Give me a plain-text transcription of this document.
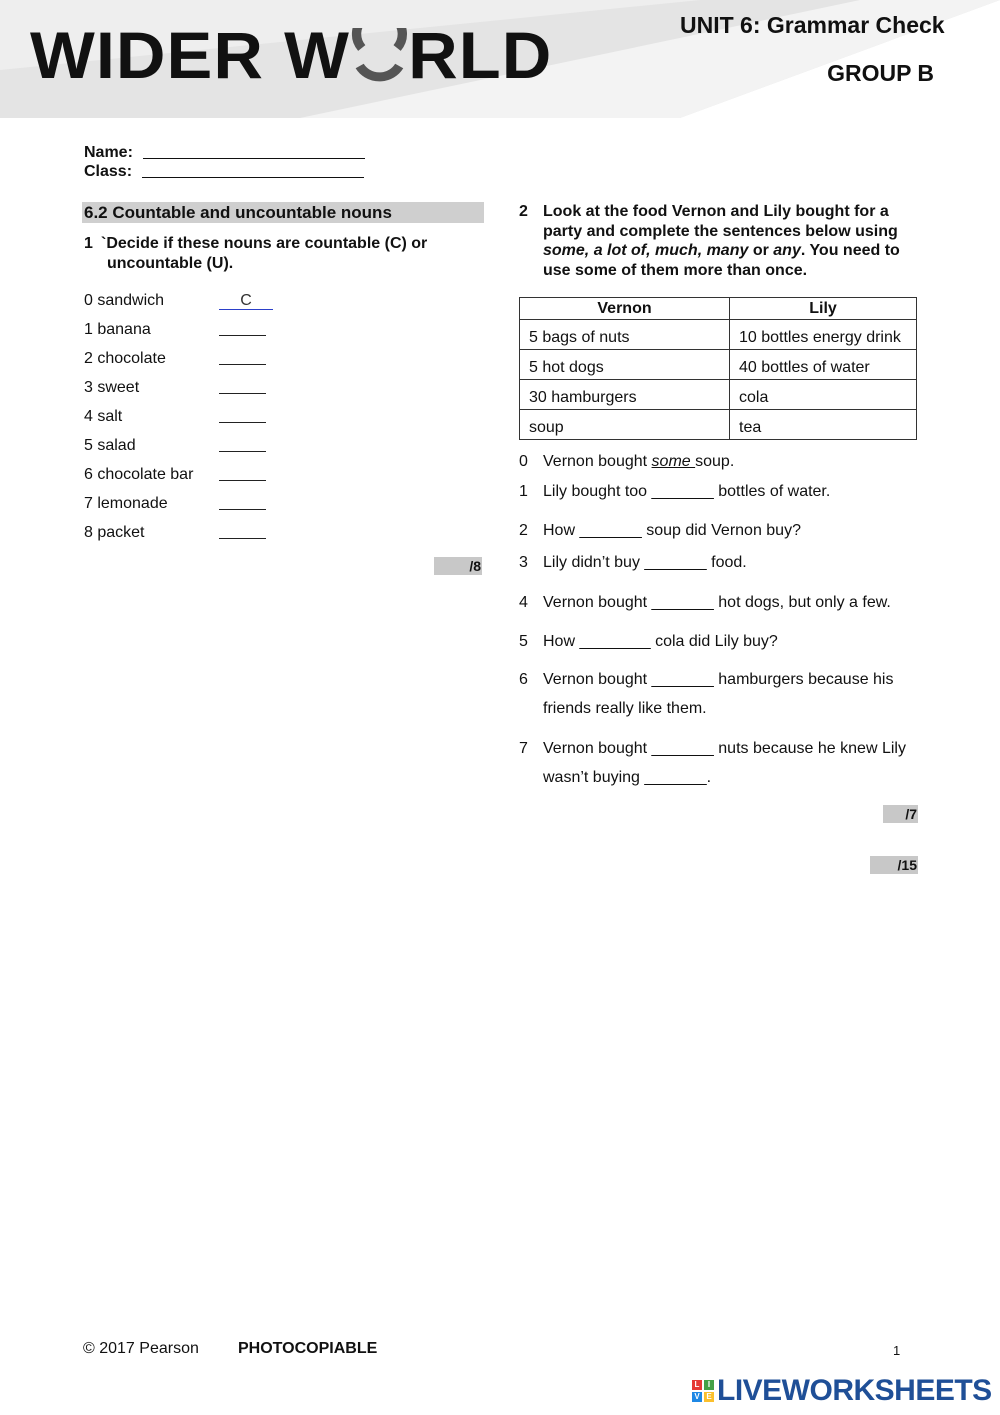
WIDER W RLD	UNIT 6: Grammar Check
GROUP B
Name:
Class:
6.2 Countable and uncountable nouns
1 `Decide if these nouns are countable (C) or
uncountable (U).
0 sandwich	C
1 banana
2 chocolate
3 sweet
4 salt
5 salad
6 chocolate bar
7 lemonade
8 packet
/8
2 Look at the food Vernon and Lily bought for a party and complete the sentences below using some, a lot of, much, many or any. You need to use some of them more than once.
Vernon	Lily
5 bags of nuts	10 bottles energy drink
5 hot dogs	40 bottles of water
30 hamburgers	cola
soup	tea
0 Vernon bought some soup.
1 Lily bought too _______ bottles of water.
2 How _______ soup did Vernon buy?
3 Lily didn’t buy _______ food.
4 Vernon bought _______ hot dogs, but only a few.
5 How ________ cola did Lily buy?
6 Vernon bought _______ hamburgers because his friends really like them.
7 Vernon bought _______ nuts because he knew Lily wasn’t buying _______.
/7
/15
© 2017 Pearson PHOTOCOPIABLE	1
L	I
V E LIVEWORKSHEETS
